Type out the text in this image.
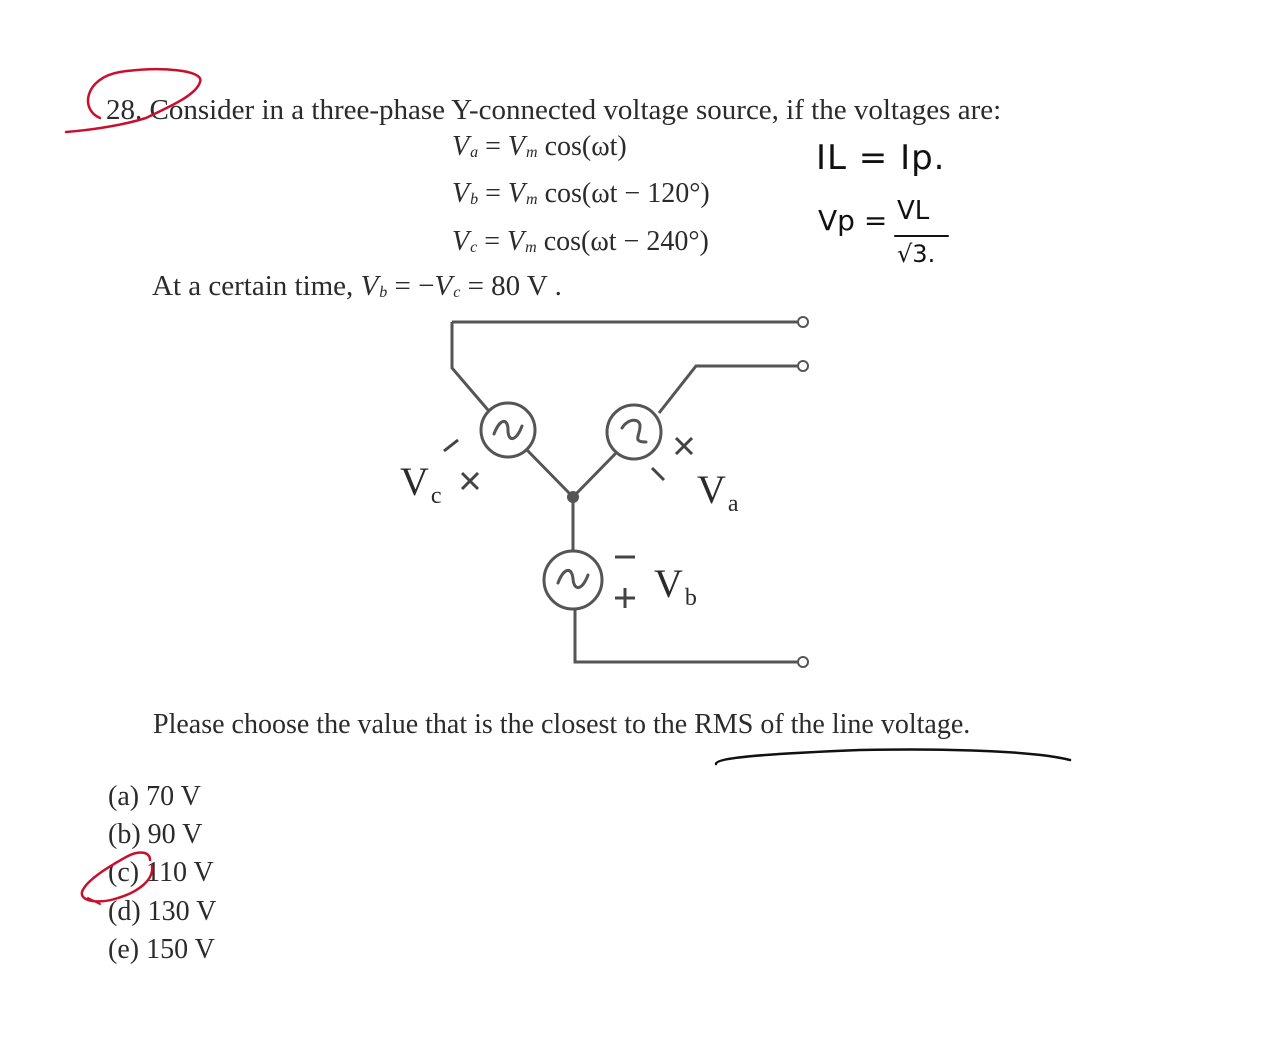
28. Consider in a three-phase Y-connected voltage source, if the voltages are:
$V_a = V_m$ cos(ωt)
$V_b = V_m$ cos(ωt − 120°)
$V_c = V_m$ cos(ωt − 240°)
At a certain time, $V_b = -V_c = 80$ V .
$V_c$	$V_a$
$V_b$
Please choose the value that is the closest to the RMS of the line voltage.
(a) 70 V
(b) 90 V
(c) 110 V
(d) 130 V
(e) 150 V
IL = Ip.
Vp = VL
√3.
